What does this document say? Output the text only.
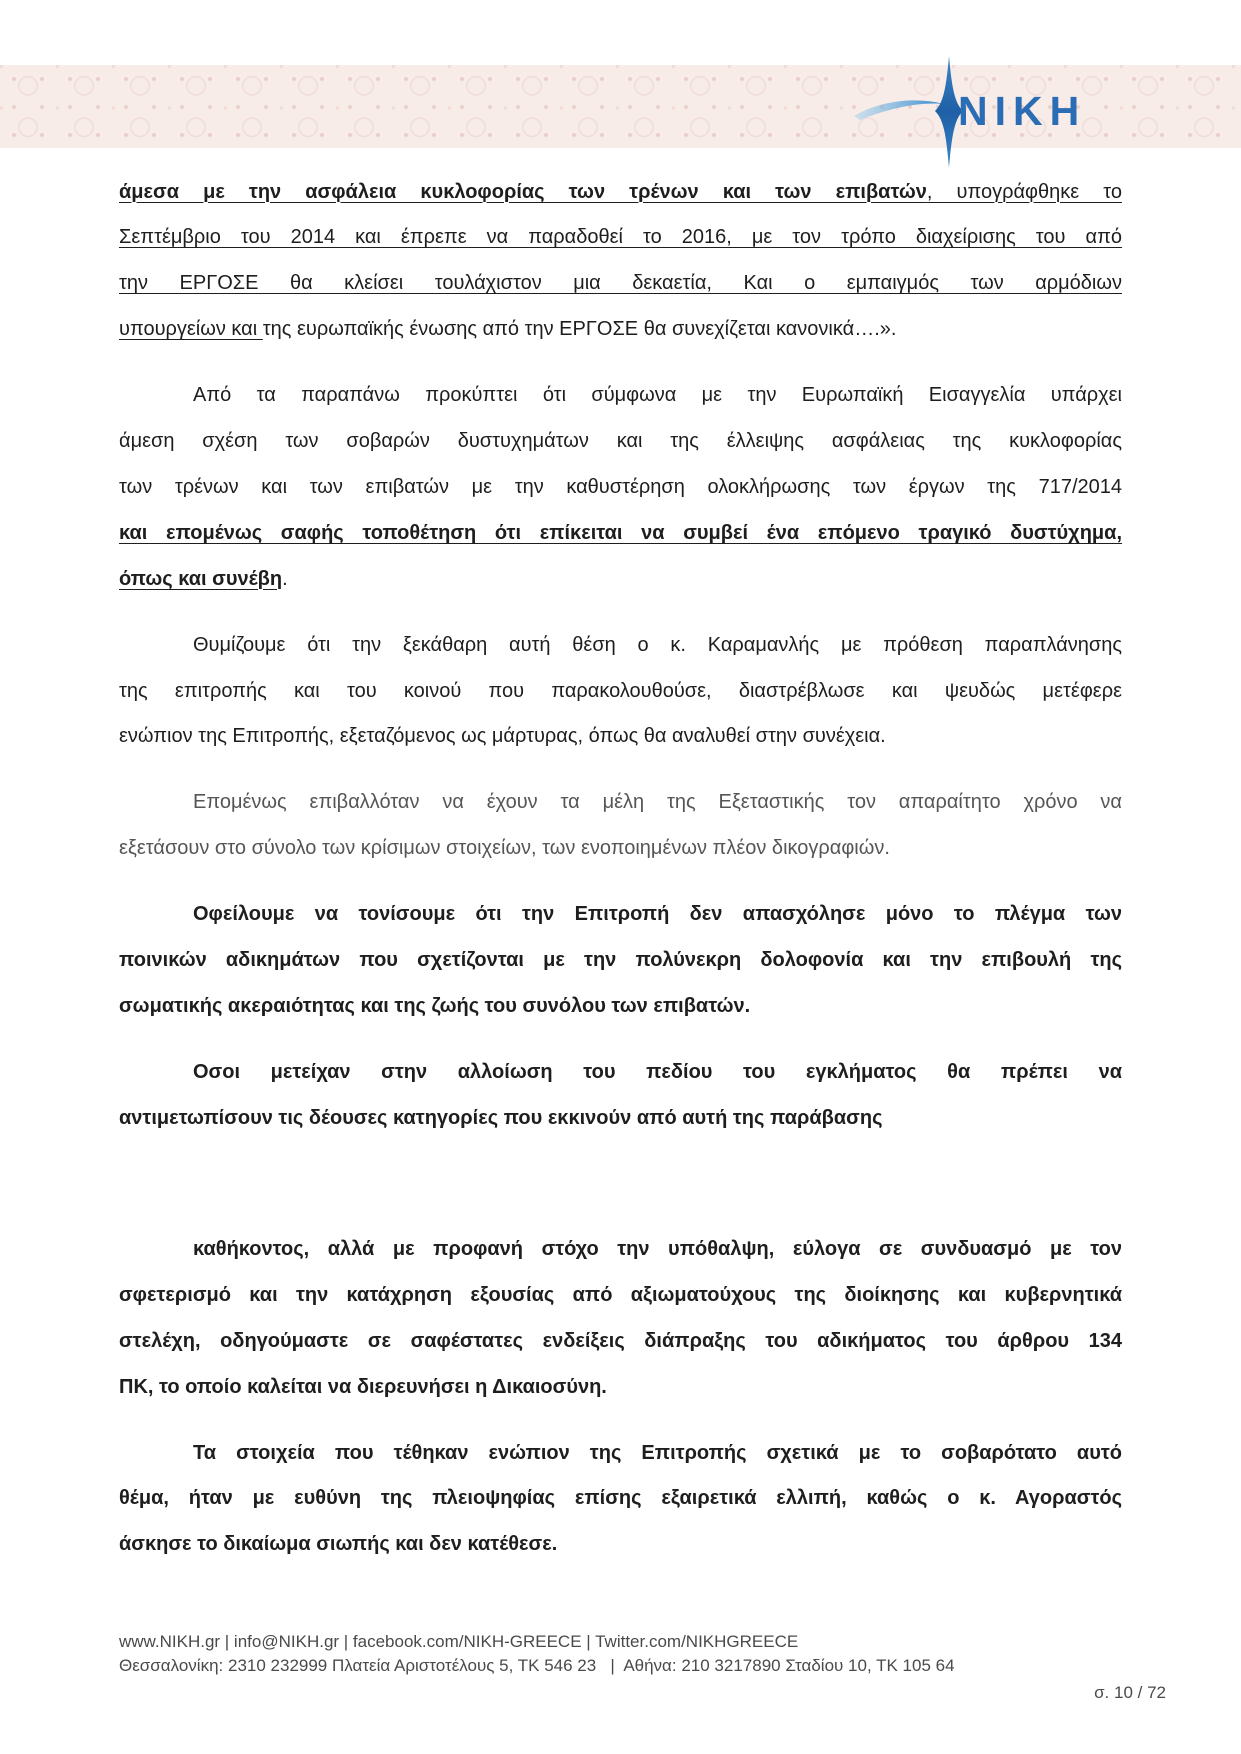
NIKH
άμεσα με την ασφάλεια κυκλοφορίας των τρένων και των επιβατών, υπογράφθηκε το
Σεπτέμβριο του 2014 και έπρεπε να παραδοθεί το 2016, με τον τρόπο διαχείρισης του από
την ΕΡΓΟΣΕ θα κλείσει τουλάχιστον μια δεκαετία, Και ο εμπαιγμός των αρμόδιων
υπουργείων και της ευρωπαϊκής ένωσης από την ΕΡΓΟΣΕ θα συνεχίζεται κανονικά….».
Από τα παραπάνω προκύπτει ότι σύμφωνα με την Ευρωπαϊκή Εισαγγελία υπάρχει
άμεση σχέση των σοβαρών δυστυχημάτων και της έλλειψης ασφάλειας της κυκλοφορίας
των τρένων και των επιβατών με την καθυστέρηση ολοκλήρωσης των έργων της 717/2014
και επομένως σαφής τοποθέτηση ότι επίκειται να συμβεί ένα επόμενο τραγικό δυστύχημα,
όπως και συνέβη.
Θυμίζουμε ότι την ξεκάθαρη αυτή θέση ο κ. Καραμανλής με πρόθεση παραπλάνησης
της επιτροπής και του κοινού που παρακολουθούσε, διαστρέβλωσε και ψευδώς μετέφερε
ενώπιον της Επιτροπής, εξεταζόμενος ως μάρτυρας, όπως θα αναλυθεί στην συνέχεια.
Επομένως επιβαλλόταν να έχουν τα μέλη της Εξεταστικής τον απαραίτητο χρόνο να
εξετάσουν στο σύνολο των κρίσιμων στοιχείων, των ενοποιημένων πλέον δικογραφιών.
Οφείλουμε να τονίσουμε ότι την Επιτροπή δεν απασχόλησε μόνο το πλέγμα των
ποινικών αδικημάτων που σχετίζονται με την πολύνεκρη δολοφονία και την επιβουλή της
σωματικής ακεραιότητας και της ζωής του συνόλου των επιβατών.
Οσοι μετείχαν στην αλλοίωση του πεδίου του εγκλήματος θα πρέπει να
αντιμετωπίσουν τις δέουσες κατηγορίες που εκκινούν από αυτή της παράβασης
καθήκοντος, αλλά με προφανή στόχο την υπόθαλψη, εύλογα σε συνδυασμό με τον
σφετερισμό και την κατάχρηση εξουσίας από αξιωματούχους της διοίκησης και κυβερνητικά
στελέχη, οδηγούμαστε σε σαφέστατες ενδείξεις διάπραξης του αδικήματος του άρθρου 134
ΠΚ, το οποίο καλείται να διερευνήσει η Δικαιοσύνη.
Τα στοιχεία που τέθηκαν ενώπιον της Επιτροπής σχετικά με το σοβαρότατο αυτό
θέμα, ήταν με ευθύνη της πλειοψηφίας επίσης εξαιρετικά ελλιπή, καθώς ο κ. Αγοραστός
άσκησε το δικαίωμα σιωπής και δεν κατέθεσε.
www.NIKH.gr | info@NIKH.gr | facebook.com/NIKH-GREECE | Twitter.com/NIKHGREECE
Θεσσαλονίκη: 2310 232999 Πλατεία Αριστοτέλους 5, ΤΚ 546 23   |  Αθήνα: 210 3217890 Σταδίου 10, ΤΚ 105 64
σ. 10 / 72
